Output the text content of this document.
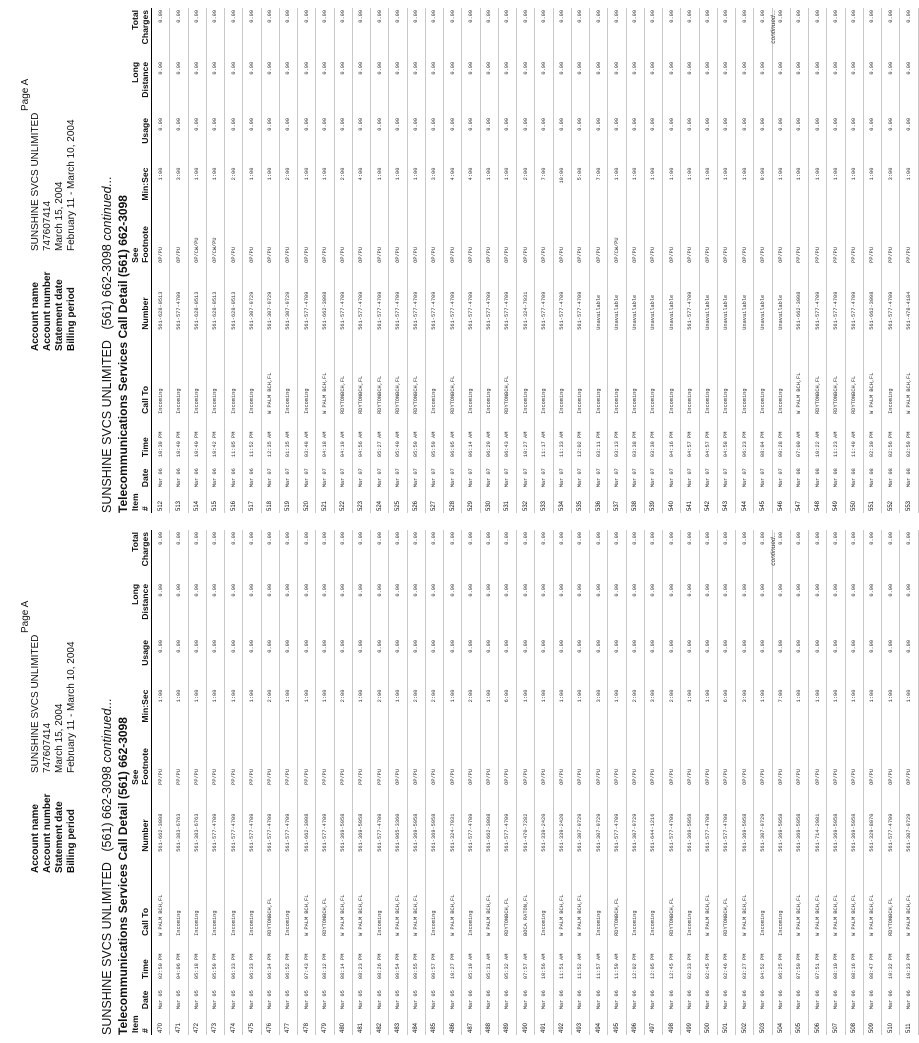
Page A
Account name
SUNSHINE SVCS UNLIMITED
Account number
747607414
Statement date
March 15, 2004
Billing period
February 11 - March 10, 2004
SUNSHINE SVCS UNLIMITED   (561) 662-3098 continued... Telecommunications Services Call Detail (561) 662-3098 Item #	Date	Time	Call To	Number	See Footnote	Min:Sec	Usage	Long Distance	Total Charges
470	Mar 05	02:50 PM	W PALM BCH,FL	561-662-3098	PP/PU	1:00	0.00	0.00	0.00
471	Mar 05	04:06 PM	Incoming	561-383-6763	PP/PU	1:00	0.00	0.00	0.00
472	Mar 05	05:18 PM	Incoming	561-383-6763	PP/PU	1:00	0.00	0.00	0.00
473	Mar 05	05:59 PM	Incoming	561-577-4709	PP/PU	1:00	0.00	0.00	0.00
474	Mar 05	06:33 PM	Incoming	561-577-4709	PP/PU	1:00	0.00	0.00	0.00
475	Mar 05	06:33 PM	Incoming	561-577-4709	PP/PU	1:00	0.00	0.00	0.00
476	Mar 05	06:34 PM	RDYTONBCH,FL	561-577-4709	PP/PU	2:00	0.00	0.00	0.00
477	Mar 05	06:52 PM	Incoming	561-577-4709	PP/PU	1:00	0.00	0.00	0.00
478	Mar 05	07:43 PM	W PALM BCH,FL	561-662-3098	PP/PU	1:00	0.00	0.00	0.00
479	Mar 05	08:12 PM	RDYTONBCH,FL	561-577-4709	PP/PU	1:00	0.00	0.00	0.00
480	Mar 05	08:14 PM	W PALM BCH,FL	561-369-5958	PP/PU	2:00	0.00	0.00	0.00
481	Mar 05	08:23 PM	W PALM BCH,FL	561-369-5958	PP/PU	1:00	0.00	0.00	0.00
482	Mar 05	08:26 PM	Incoming	561-577-4709	PP/PU	2:00	0.00	0.00	0.00
483	Mar 05	09:54 PM	W PALM BCH,FL	561-965-3360	OP/PU	1:00	0.00	0.00	0.00
484	Mar 05	09:55 PM	W PALM BCH,FL	561-369-5958	OP/PU	2:00	0.00	0.00	0.00
485	Mar 05	09:57 PM	Incoming	561-369-5958	OP/PU	2:00	0.00	0.00	0.00
486	Mar 05	10:27 PM	W PALM BCH,FL	561-324-7931	OP/PU	1:00	0.00	0.00	0.00
487	Mar 06	05:19 AM	Incoming	561-577-4709	OP/PU	2:00	0.00	0.00	0.00
488	Mar 06	05:31 AM	W PALM BCH,FL	561-662-3098	OP/PU	1:00	0.00	0.00	0.00
489	Mar 06	05:32 AM	RDYTONBCH,FL	561-577-4709	OP/PU	6:00	0.00	0.00	0.00
490	Mar 06	07:57 AM	BOCA RATON,FL	561-470-7282	OP/PU	1:00	0.00	0.00	0.00
491	Mar 06	10:56 AM	Incoming	561-339-2420	OP/PU	1:00	0.00	0.00	0.00
492	Mar 06	11:51 AM	W PALM BCH,FL	561-339-2420	OP/PU	1:00	0.00	0.00	0.00
493	Mar 06	11:52 AM	W PALM BCH,FL	561-307-9729	OP/PU	1:00	0.00	0.00	0.00
494	Mar 06	11:57 AM	Incoming	561-307-9729	OP/PU	3:00	0.00	0.00	0.00
495	Mar 06	11:59 AM	RDYTONBCH,FL	561-577-4709	OP/PU	1:00	0.00	0.00	0.00
496	Mar 06	12:02 PM	Incoming	561-307-9729	OP/PU	2:00	0.00	0.00	0.00
497	Mar 06	12:05 PM	Incoming	561-644-1216	OP/PU	3:00	0.00	0.00	0.00
498	Mar 06	12:45 PM	RDYTONBCH,FL	561-577-4709	OP/PU	2:00	0.00	0.00	0.00
499	Mar 06	02:33 PM	Incoming	561-369-5958	OP/PU	1:00	0.00	0.00	0.00
500	Mar 06	02:45 PM	W PALM BCH,FL	561-577-4709	OP/PU	1:00	0.00	0.00	0.00
501	Mar 06	02:46 PM	RDYTONBCH,FL	561-577-4709	OP/PU	6:00	0.00	0.00	0.00
502	Mar 06	03:27 PM	W PALM BCH,FL	561-369-5958	OP/PU	3:00	0.00	0.00	0.00
503	Mar 06	04:52 PM	Incoming	561-307-9729	OP/PU	1:00	0.00	0.00	0.00
504	Mar 06	06:25 PM	Incoming	561-369-5958	OP/PU	7:00	0.00	0.00	0.00
505	Mar 06	07:50 PM	W PALM BCH,FL	561-369-5958	OP/PU	1:00	0.00	0.00	0.00
506	Mar 06	07:51 PM	W PALM BCH,FL	561-714-2981	OP/PU	1:00	0.00	0.00	0.00
507	Mar 06	08:10 PM	W PALM BCH,FL	561-369-5958	OP/PU	1:00	0.00	0.00	0.00
508	Mar 06	08:16 PM	W PALM BCH,FL	561-369-5958	OP/PU	1:00	0.00	0.00	0.00
509	Mar 06	08:47 PM	W PALM BCH,FL	561-329-8070	OP/PU	1:00	0.00	0.00	0.00
510	Mar 06	10:32 PM	RDYTONBCH,FL	561-577-4709	OP/PU	1:00	0.00	0.00	0.00
511	Mar 06	10:33 PM	W PALM BCH,FL	561-307-9729	OP/PU	1:00	0.00	0.00	0.00
continued...
Page A
Account name
SUNSHINE SVCS UNLIMITED
Account number
747607414
Statement date
March 15, 2004
Billing period
February 11 - March 10, 2004
SUNSHINE SVCS UNLIMITED   (561) 662-3098 continued... Telecommunications Services Call Detail (561) 662-3098 Item #	Date	Time	Call To	Number	See Footnote	Min:Sec	Usage	Long Distance	Total Charges
512	Mar 06	10:39 PM	Incoming	561-628-0513	OP/PU	1:00	0.00	0.00	0.00
513	Mar 06	10:40 PM	Incoming	561-577-4709	OP/PU	3:00	0.00	0.00	0.00
514	Mar 06	10:40 PM	Incoming	561-628-0513	OP/CW/PU	1:00	0.00	0.00	0.00
515	Mar 06	10:42 PM	Incoming	561-628-0513	OP/CW/PU	1:00	0.00	0.00	0.00
516	Mar 06	11:05 PM	Incoming	561-628-0513	OP/PU	2:00	0.00	0.00	0.00
517	Mar 06	11:52 PM	Incoming	561-307-9729	OP/PU	1:00	0.00	0.00	0.00
518	Mar 07	12:35 AM	W PALM BCH,FL	561-307-9729	OP/PU	1:00	0.00	0.00	0.00
519	Mar 07	01:35 AM	Incoming	561-307-9729	OP/PU	2:00	0.00	0.00	0.00
520	Mar 07	03:49 AM	Incoming	561-577-4709	OP/PU	1:00	0.00	0.00	0.00
521	Mar 07	04:18 AM	W PALM BCH,FL	561-662-3098	OP/PU	1:00	0.00	0.00	0.00
522	Mar 07	04:19 AM	RDYTONBCH,FL	561-577-4709	OP/PU	2:00	0.00	0.00	0.00
523	Mar 07	04:56 AM	RDYTONBCH,FL	561-577-4709	OP/PU	4:00	0.00	0.00	0.00
524	Mar 07	05:27 AM	RDYTONBCH,FL	561-577-4709	OP/PU	1:00	0.00	0.00	0.00
525	Mar 07	05:40 AM	RDYTONBCH,FL	561-577-4709	OP/PU	1:00	0.00	0.00	0.00
526	Mar 07	05:59 AM	RDYTONBCH,FL	561-577-4709	OP/PU	1:00	0.00	0.00	0.00
527	Mar 07	05:59 AM	Incoming	561-577-4709	OP/PU	3:00	0.00	0.00	0.00
528	Mar 07	06:05 AM	RDYTONBCH,FL	561-577-4709	OP/PU	4:00	0.00	0.00	0.00
529	Mar 07	06:14 AM	Incoming	561-577-4709	OP/PU	4:00	0.00	0.00	0.00
530	Mar 07	06:29 AM	Incoming	561-577-4709	OP/PU	1:00	0.00	0.00	0.00
531	Mar 07	06:43 AM	RDYTONBCH,FL	561-577-4709	OP/PU	1:00	0.00	0.00	0.00
532	Mar 07	10:27 AM	Incoming	561-324-7931	OP/PU	2:00	0.00	0.00	0.00
533	Mar 07	11:17 AM	Incoming	561-577-4709	OP/PU	7:00	0.00	0.00	0.00
534	Mar 07	11:33 AM	Incoming	561-577-4709	OP/PU	10:00	0.00	0.00	0.00
535	Mar 07	12:02 PM	Incoming	561-577-4709	OP/PU	5:00	0.00	0.00	0.00
536	Mar 07	03:11 PM	Incoming	Unavailable	OP/PU	7:00	0.00	0.00	0.00
537	Mar 07	03:13 PM	Incoming	Unavailable	OP/CW/PU	1:00	0.00	0.00	0.00
538	Mar 07	03:38 PM	Incoming	Unavailable	OP/PU	1:00	0.00	0.00	0.00
539	Mar 07	03:39 PM	Incoming	Unavailable	OP/PU	1:00	0.00	0.00	0.00
540	Mar 07	04:16 PM	Incoming	Unavailable	OP/PU	1:00	0.00	0.00	0.00
541	Mar 07	04:57 PM	Incoming	561-577-4709	OP/PU	1:00	0.00	0.00	0.00
542	Mar 07	04:57 PM	Incoming	Unavailable	OP/PU	1:00	0.00	0.00	0.00
543	Mar 07	04:58 PM	Incoming	Unavailable	OP/PU	1:00	0.00	0.00	0.00
544	Mar 07	06:23 PM	Incoming	Unavailable	OP/PU	1:00	0.00	0.00	0.00
545	Mar 07	08:04 PM	Incoming	Unavailable	OP/PU	9:00	0.00	0.00	0.00
546	Mar 07	09:28 PM	Incoming	Unavailable	OP/PU	1:00	0.00	0.00	0.00
547	Mar 08	07:00 AM	W PALM BCH,FL	561-662-3098	PP/PU	1:00	0.00	0.00	0.00
548	Mar 08	10:22 AM	RDYTONBCH,FL	561-577-4709	PP/PU	1:00	0.00	0.00	0.00
549	Mar 08	11:23 AM	RDYTONBCH,FL	561-577-4709	PP/PU	1:00	0.00	0.00	0.00
550	Mar 08	11:49 AM	RDYTONBCH,FL	561-577-4709	PP/PU	1:00	0.00	0.00	0.00
551	Mar 08	02:30 PM	W PALM BCH,FL	561-662-3098	PP/PU	1:00	0.00	0.00	0.00
552	Mar 08	02:56 PM	Incoming	561-577-4709	PP/PU	3:00	0.00	0.00	0.00
553	Mar 08	02:59 PM	W PALM BCH,FL	561-478-4184	PP/PU	1:00	0.00	0.00	0.00
continued...
